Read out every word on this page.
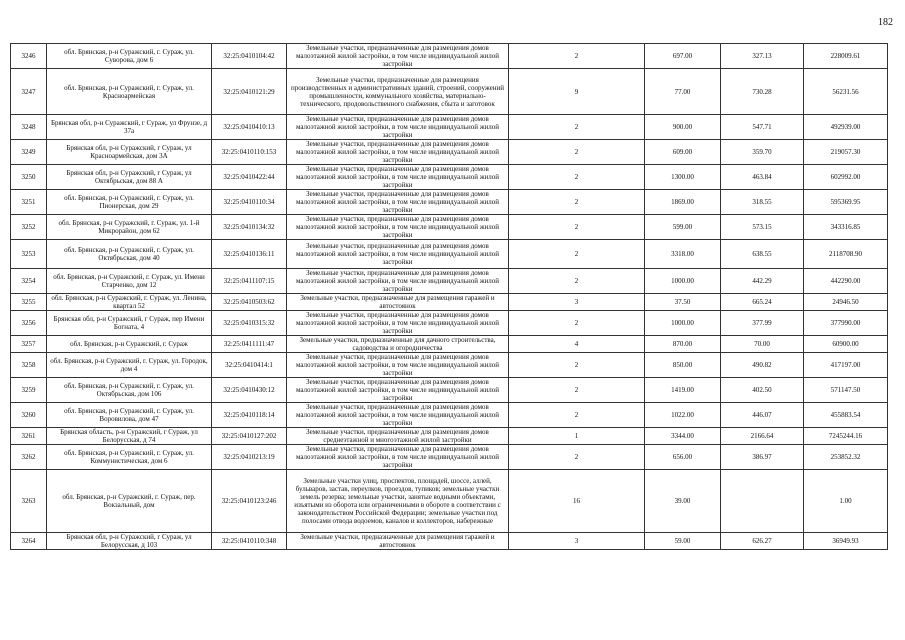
182
3246	обл. Брянская, р-н Суражский, г. Сураж, ул. Суворова, дом 6	32:25:0410104:42	Земельные участки, предназначенные для размещения домов малоэтажной жилой застройки, в том числе индивидуальной жилой застройки	2	697.00	327.13	228009.61
3247	обл. Брянская, р-н Суражский, г. Сураж, ул. Красноармейская	32:25:0410121:29	Земельные участки, предназначенные для размещения производственных и административных зданий, строений, сооружений промышленности, коммунального хозяйства, материально-технического, продовольственного снабжения, сбыта и заготовок	9	77.00	730.28	56231.56
3248	Брянская обл, р-н Суражский, г Сураж, ул Фрунзе, д 37а	32:25:0410410:13	Земельные участки, предназначенные для размещения домов малоэтажной жилой застройки, в том числе индивидуальной жилой застройки	2	900.00	547.71	492939.00
3249	Брянская обл, р-н Суражский, г Сураж, ул Красноармейская, дом 3А	32:25:0410110:153	Земельные участки, предназначенные для размещения домов малоэтажной жилой застройки, в том числе индивидуальной жилой застройки	2	609.00	359.70	219057.30
3250	Брянская обл, р-н Суражский, г Сураж, ул Октябрьская, дом 88 А	32:25:0410422:44	Земельные участки, предназначенные для размещения домов малоэтажной жилой застройки, в том числе индивидуальной жилой застройки	2	1300.00	463.84	602992.00
3251	обл. Брянская, р-н Суражский, г. Сураж, ул. Пионерская, дом 29	32:25:0410110:34	Земельные участки, предназначенные для размещения домов малоэтажной жилой застройки, в том числе индивидуальной жилой застройки	2	1869.00	318.55	595369.95
3252	обл. Брянская, р-н Суражский, г. Сураж, ул. 1-й Микрорайон, дом 62	32:25:0410134:32	Земельные участки, предназначенные для размещения домов малоэтажной жилой застройки, в том числе индивидуальной жилой застройки	2	599.00	573.15	343316.85
3253	обл. Брянская, р-н Суражский, г. Сураж, ул. Октябрьская, дом 40	32:25:0410136:11	Земельные участки, предназначенные для размещения домов малоэтажной жилой застройки, в том числе индивидуальной жилой застройки	2	3318.00	638.55	2118708.90
3254	обл. Брянская, р-н Суражский, г. Сураж, ул. Имени Старченко, дом 12	32:25:0411107:15	Земельные участки, предназначенные для размещения домов малоэтажной жилой застройки, в том числе индивидуальной жилой застройки	2	1000.00	442.29	442290.00
3255	обл. Брянская, р-н Суражский, г. Сураж, ул. Ленина, квартал 52	32:25:0410503:62	Земельные участки, предназначенные для размещения гаражей и автостоянок	3	37.50	665.24	24946.50
3256	Брянская обл, р-н Суражский, г Сураж, пер Имени Богната, 4	32:25:0410315:32	Земельные участки, предназначенные для размещения домов малоэтажной жилой застройки, в том числе индивидуальной жилой застройки	2	1000.00	377.99	377990.00
3257	обл. Брянская, р-н Суражский, г. Сураж	32:25:0411111:47	Земельные участки, предназначенные для дачного строительства, садоводства и огородничества	4	870.00	70.00	60900.00
3258	обл. Брянская, р-н Суражский, г. Сураж, ул. Городок, дом 4	32:25:0410414:1	Земельные участки, предназначенные для размещения домов малоэтажной жилой застройки, в том числе индивидуальной жилой застройки	2	850.00	490.82	417197.00
3259	обл. Брянская, р-н Суражский, г. Сураж, ул. Октябрьская, дом 106	32:25:0410430:12	Земельные участки, предназначенные для размещения домов малоэтажной жилой застройки, в том числе индивидуальной жилой застройки	2	1419.00	402.50	571147.50
3260	обл. Брянская, р-н Суражский, г. Сураж, ул. Воровилова, дом 47	32:25:0410118:14	Земельные участки, предназначенные для размещения домов малоэтажной жилой застройки, в том числе индивидуальной жилой застройки	2	1022.00	446.07	455883.54
3261	Брянская область, р-н Суражский, г Сураж, ул Белорусская, д 74	32:25:0410127:202	Земельные участки, предназначенные для размещения домов среднеэтажной и многоэтажной жилой застройки	1	3344.00	2166.64	7245244.16
3262	обл. Брянская, р-н Суражский, г. Сураж, ул. Коммунистическая, дом 6	32:25:0410213:19	Земельные участки, предназначенные для размещения домов малоэтажной жилой застройки, в том числе индивидуальной жилой застройки	2	656.00	386.97	253852.32
3263	обл. Брянская, р-н Суражский, г. Сураж, пер. Вокзальный, дом	32:25:0410123:246	Земельные участки улиц, проспектов, площадей, шоссе, аллей, бульваров, застав, переулков, проездов, тупиков; земельные участки земель резерва; земельные участки, занятые водными объектами, изъятыми из оборота или ограниченными в обороте в соответствии с законодательством Российской Федерации; земельные участки под полосами отвода водоемов, каналов и коллекторов, набережные	16	39.00		1.00
3264	Брянская обл, р-н Суражский, г Сураж, ул Белорусская, д 103	32:25:0410110:348	Земельные участки, предназначенные для размещения гаражей и автостоянок	3	59.00	626.27	36949.93
